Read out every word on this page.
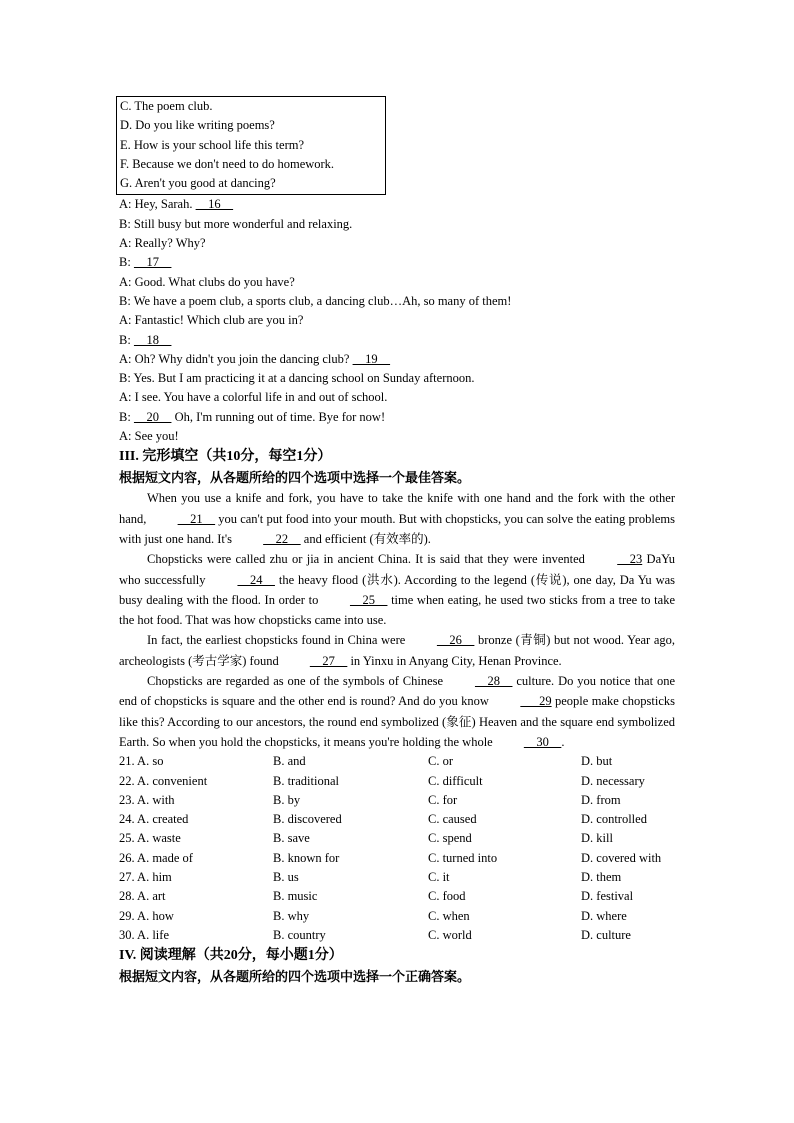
C. The poem club.
D. Do you like writing poems?
E. How is your school life this term?
F. Because we don't need to do homework.
G. Aren't you good at dancing?
A: Hey, Sarah.     16
B: Still busy but more wonderful and relaxing.
A: Really? Why?
B:     17
A: Good. What clubs do you have?
B: We have a poem club, a sports club, a dancing club…Ah, so many of them!
A: Fantastic! Which club are you in?
B:     18
A: Oh? Why didn't you join the dancing club?     19
B: Yes. But I am practicing it at a dancing school on Sunday afternoon.
A: I see. You have a colorful life in and out of school.
B:     20     Oh, I'm running out of time. Bye for now!
A: See you!
III. 完形填空（共10分，每空1分）
根据短文内容，从各题所给的四个选项中选择一个最佳答案。
When you use a knife and fork, you have to take the knife with one hand and the fork with the other hand,     21     you can't put food into your mouth. But with chopsticks, you can solve the eating problems with just one hand. It's     22     and efficient (有效率的).
Chopsticks were called zhu or jia in ancient China. It is said that they were invented     23 DaYu who successfully     24     the heavy flood (洪水). According to the legend (传说), one day, Da Yu was busy dealing with the flood. In order to     25     time when eating, he used two sticks from a tree to take the hot food. That was how chopsticks came into use.
In fact, the earliest chopsticks found in China were     26     bronze (青铜) but not wood. Year ago, archeologists (考古学家) found     27     in Yinxu in Anyang City, Henan Province.
Chopsticks are regarded as one of the symbols of Chinese     28     culture. Do you notice that one end of chopsticks is square and the other end is round? And do you know       29 people make chopsticks like this? According to our ancestors, the round end symbolized (象征) Heaven and the square end symbolized Earth. So when you hold the chopsticks, it means you're holding the whole     30    .
21. A. so	B. and	C. or	D. but
22. A. convenient	B. traditional	C. difficult	D. necessary
23. A. with	B. by	C. for	D. from
24. A. created	B. discovered	C. caused	D. controlled
25. A. waste	B. save	C. spend	D. kill
26. A. made of	B. known for	C. turned into	D. covered with
27. A. him	B. us	C. it	D. them
28. A. art	B. music	C. food	D. festival
29. A. how	B. why	C. when	D. where
30. A. life	B. country	C. world	D. culture
IV. 阅读理解（共20分，每小题1分）
根据短文内容，从各题所给的四个选项中选择一个正确答案。
